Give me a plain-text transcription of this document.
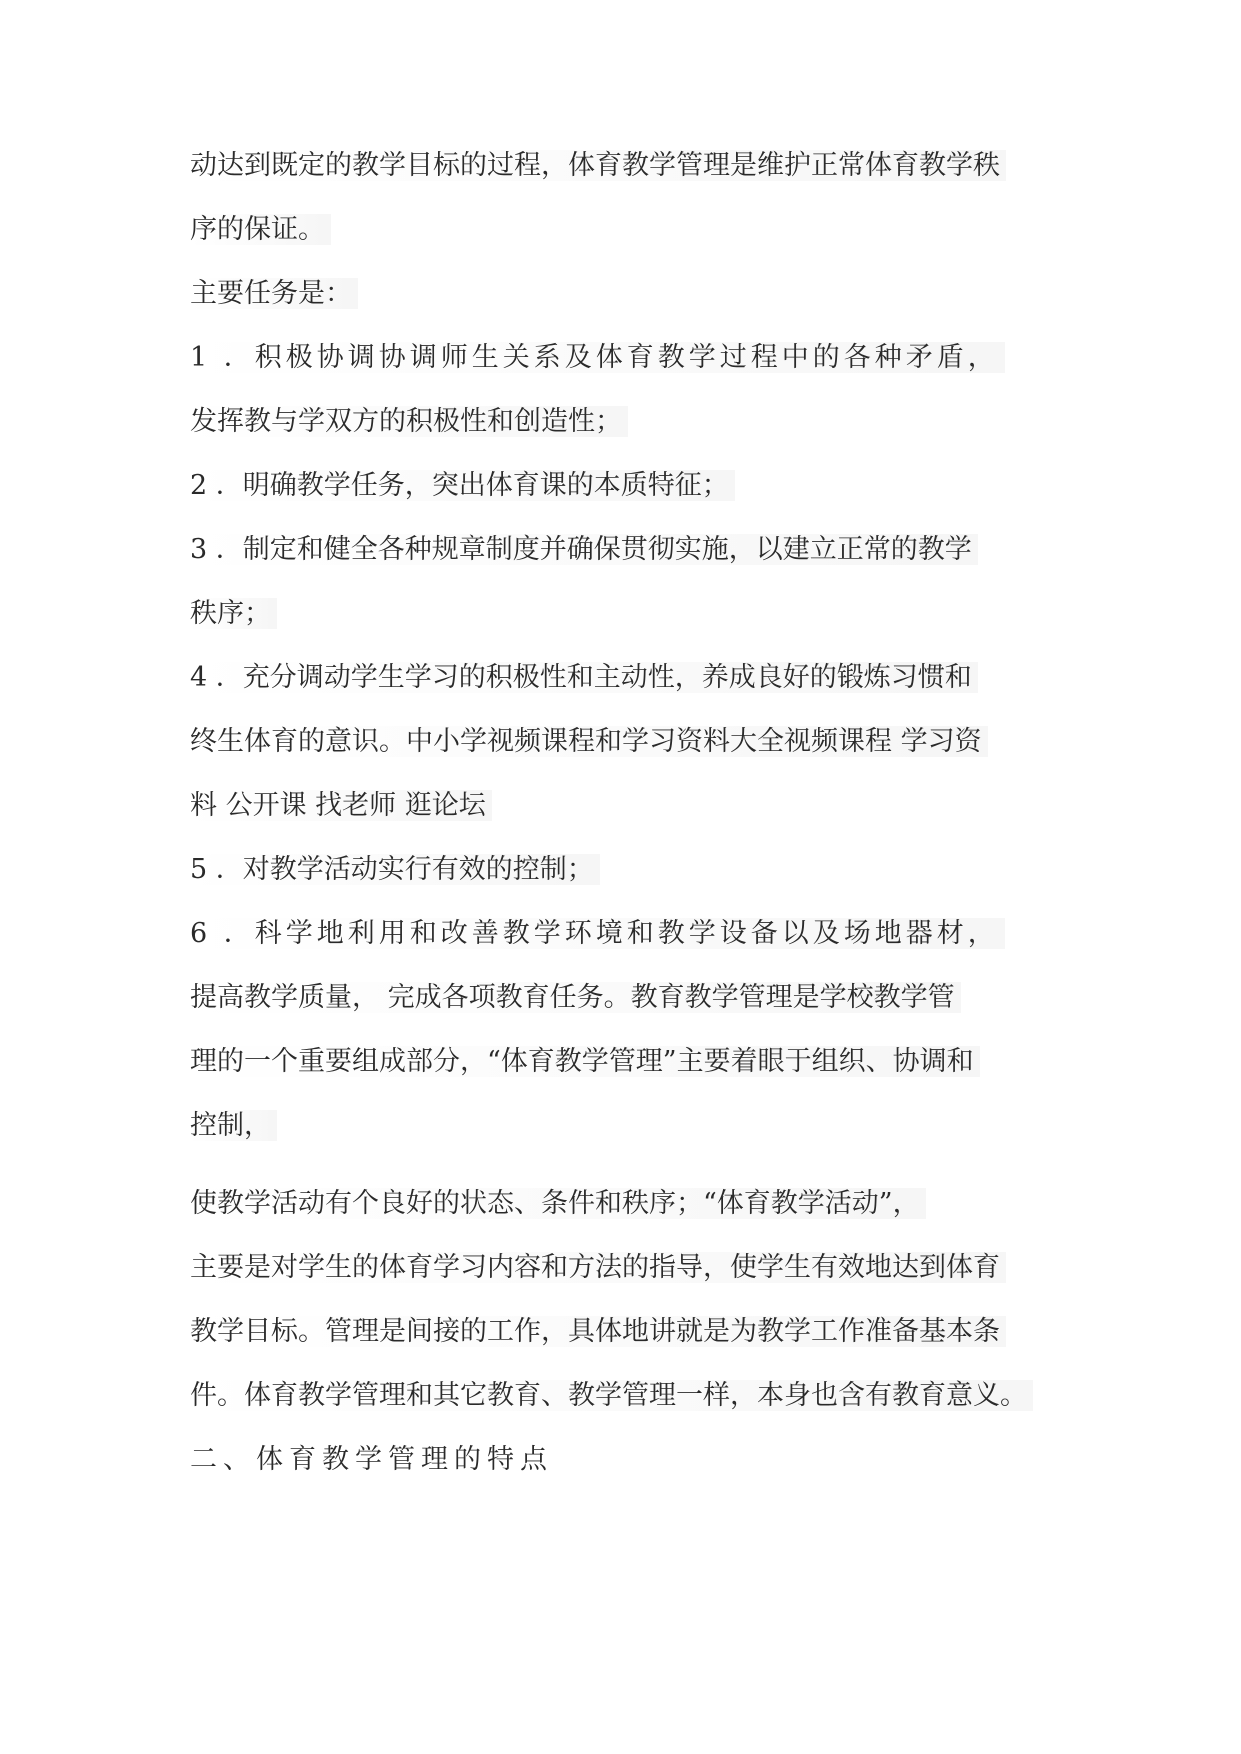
动达到既定的教学目标的过程，体育教学管理是维护正常体育教学秩
序的保证。
主要任务是：
1 ．积极协调协调师生关系及体育教学过程中的各种矛盾，
发挥教与学双方的积极性和创造性；
2 ．明确教学任务，突出体育课的本质特征；
3 ．制定和健全各种规章制度并确保贯彻实施，以建立正常的教学
秩序；
4 ．充分调动学生学习的积极性和主动性，养成良好的锻炼习惯和
终生体育的意识。中小学视频课程和学习资料大全视频课程 学习资
料 公开课 找老师 逛论坛
5 ．对教学活动实行有效的控制；
6 ．科学地利用和改善教学环境和教学设备以及场地器材，
提高教学质量， 完成各项教育任务。教育教学管理是学校教学管
理的一个重要组成部分，“体育教学管理”主要着眼于组织、协调和
控制，
使教学活动有个良好的状态、条件和秩序；“体育教学活动”，
主要是对学生的体育学习内容和方法的指导，使学生有效地达到体育
教学目标。管理是间接的工作，具体地讲就是为教学工作准备基本条
件。体育教学管理和其它教育、教学管理一样，本身也含有教育意义。
二、体育教学管理的特点
